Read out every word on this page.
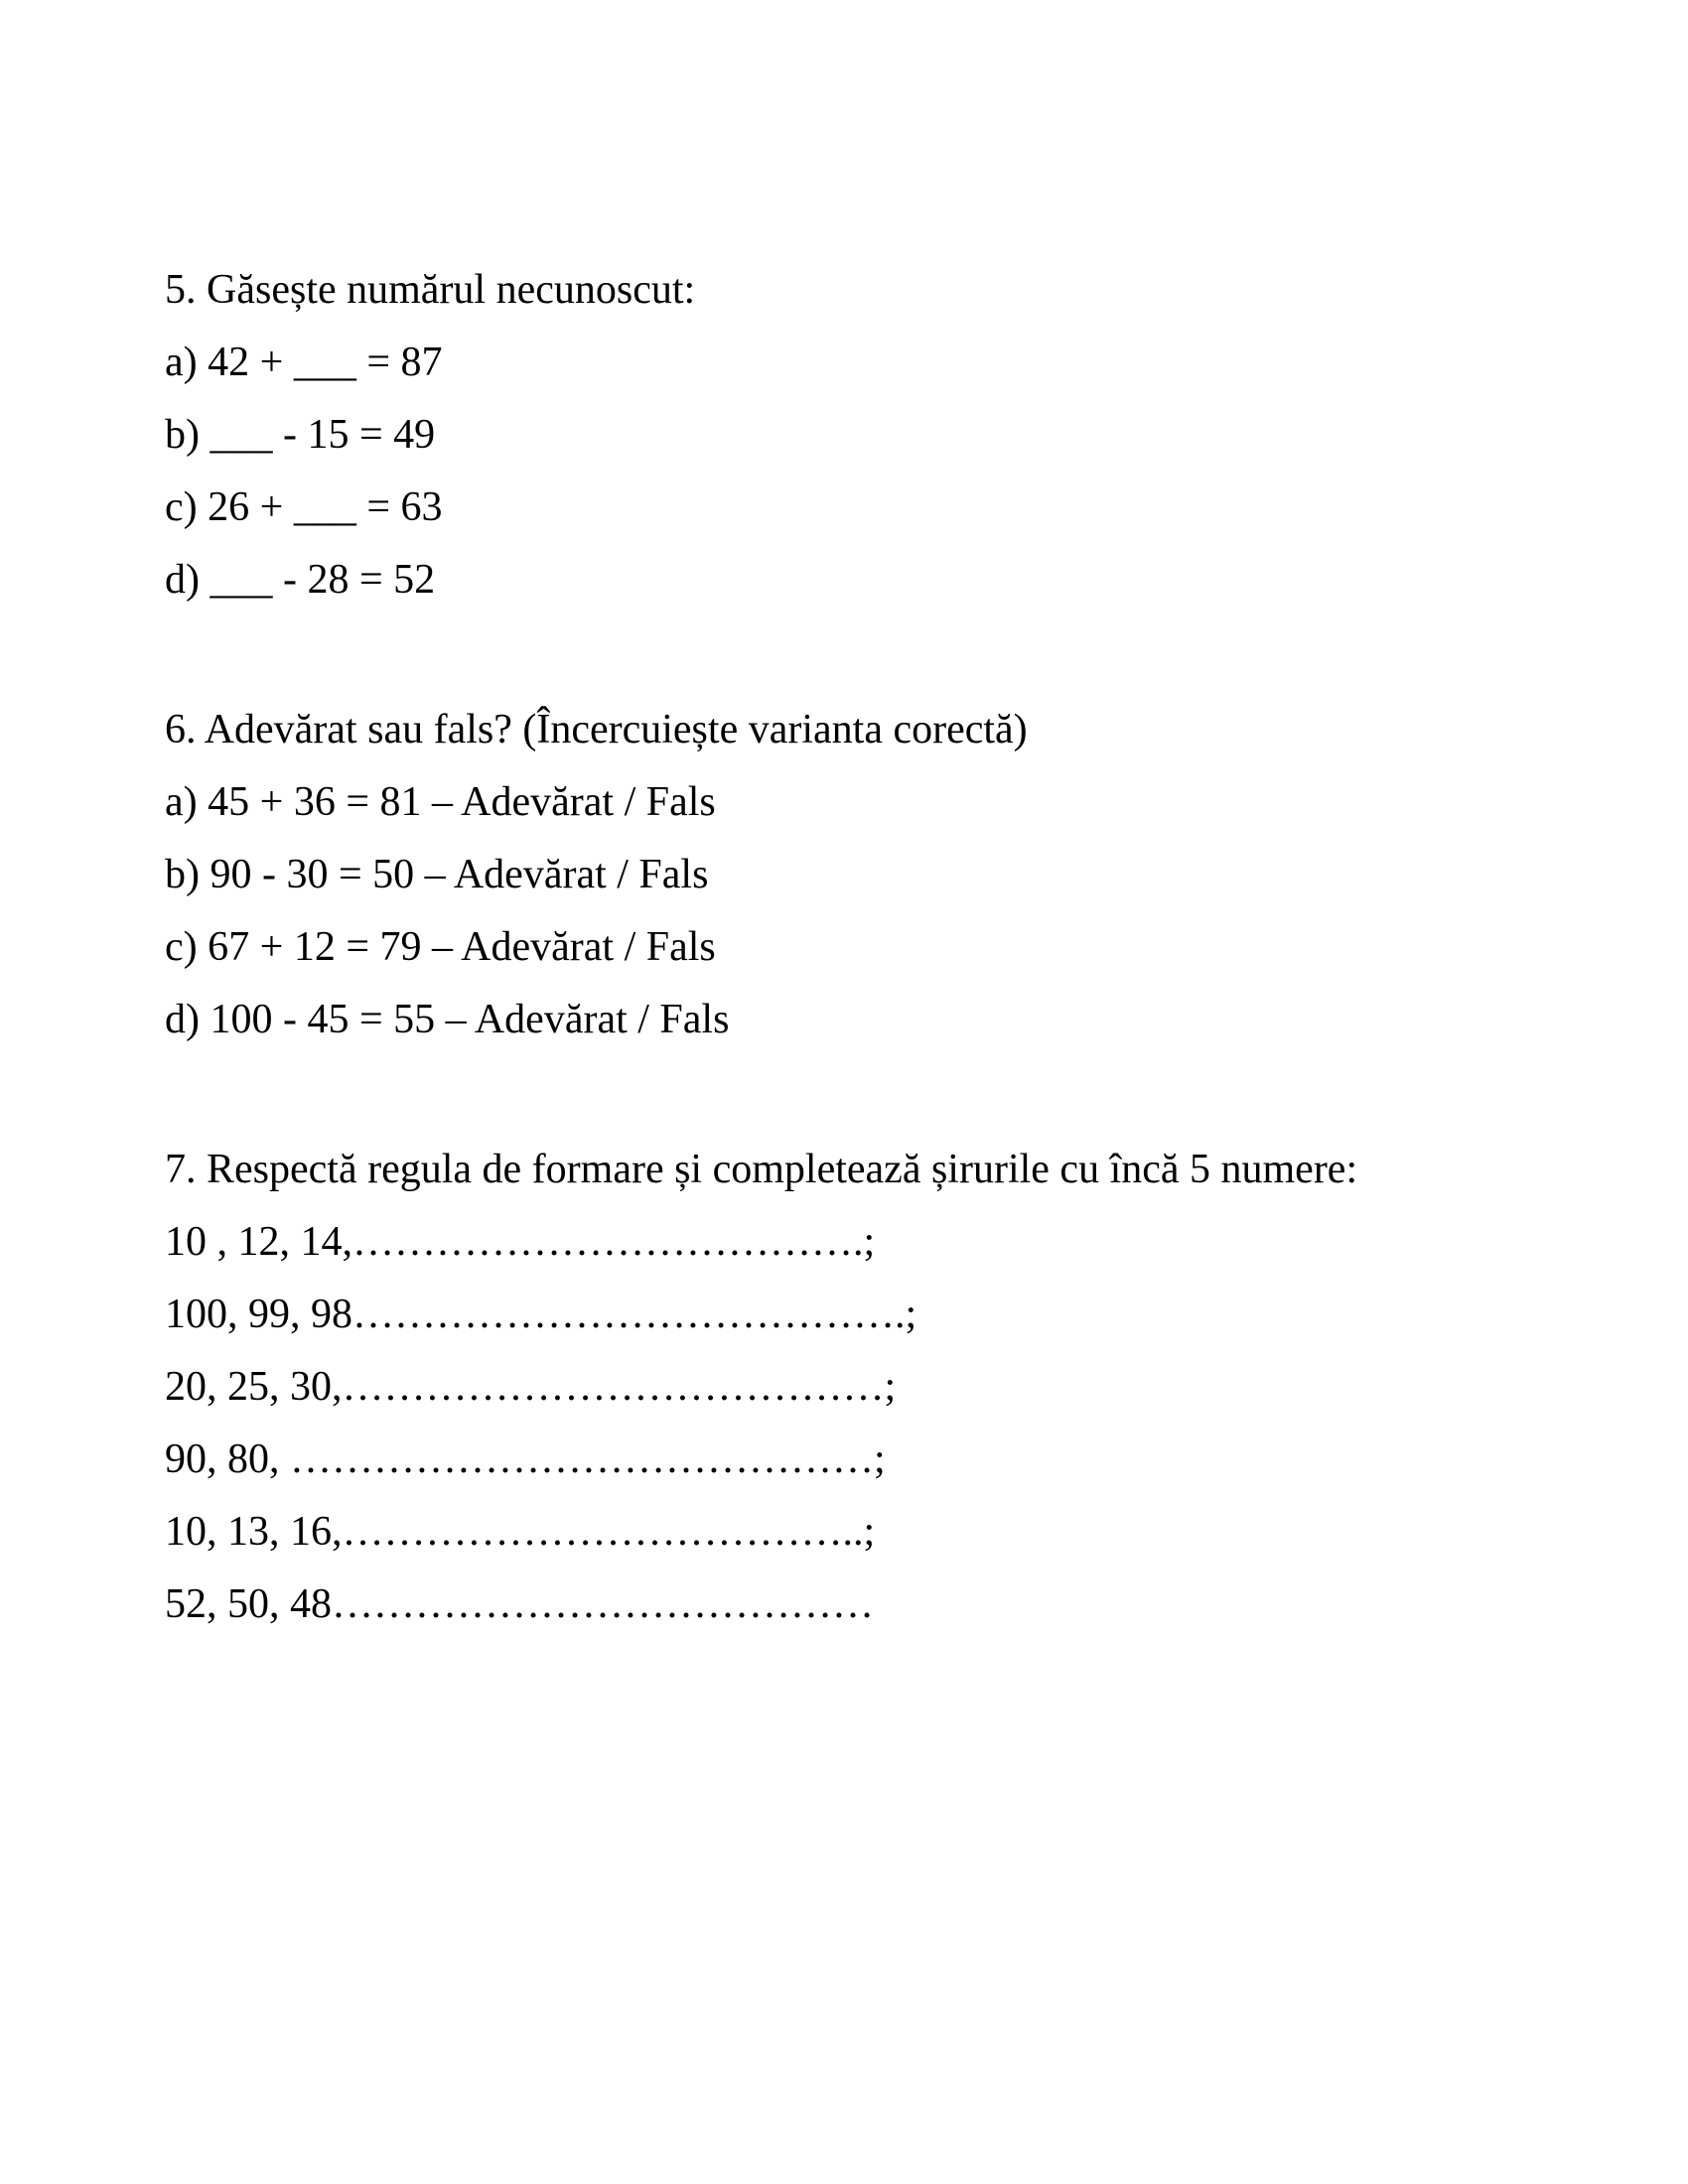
5. Găsește numărul necunoscut:

a) 42 + ___ = 87

b) ___ - 15 = 49

c) 26 + ___ = 63

d) ___ - 28 = 52

6. Adevărat sau fals? (Încercuiește varianta corectă)

a) 45 + 36 = 81 – Adevărat / Fals

b) 90 - 30 = 50 – Adevărat / Fals

c) 67 + 12 = 79 – Adevărat / Fals

d) 100 - 45 = 55 – Adevărat / Fals

7. Respectă regula de formare și completează șirurile cu încă 5 numere:

10 , 12, 14,……………………………….;

100, 99, 98………………………………….;

20, 25, 30,…………………………………;

90, 80, ……………………………………;

10, 13, 16,………………………………..;

52, 50, 48…………………………………
